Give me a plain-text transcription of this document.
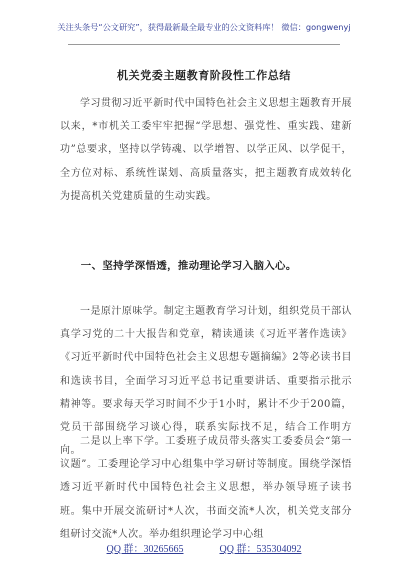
关注头条号“公文研究”，获得最新最全最专业的公文资料库！ 微信：gongwenyj
机关党委主题教育阶段性工作总结

学习贯彻习近平新时代中国特色社会主义思想主题教育开展以来，*市机关工委牢牢把握“学思想、强党性、重实践、建新功”总要求，坚持以学铸魂、以学增智、以学正风、以学促干，全方位对标、系统性谋划、高质量落实，把主题教育成效转化为提高机关党建质量的生动实践。

一、坚持学深悟透，推动理论学习入脑入心。

一是原汁原味学。制定主题教育学习计划，组织党员干部认真学习党的二十大报告和党章，精读通读《习近平著作选读》《习近平新时代中国特色社会主义思想专题摘编》2等必读书目和选读书目，全面学习习近平总书记重要讲话、重要指示批示精神等。要求每天学习时间不少于1小时，累计不少于200篇，党员干部围绕学习谈心得，联系实际找不足，结合工作明方向。

二是以上率下学。工委班子成员带头落实工委委员会“第一议题”。工委理论学习中心组集中学习研讨等制度。围绕学深悟透习近平新时代中国特色社会主义思想，举办领导班子读书班。集中开展交流研讨*人次，书面交流*人次，机关党支部分组研讨交流*人次。举办组织理论学习中心组

QQ 群：30265665	QQ 群：535304092
